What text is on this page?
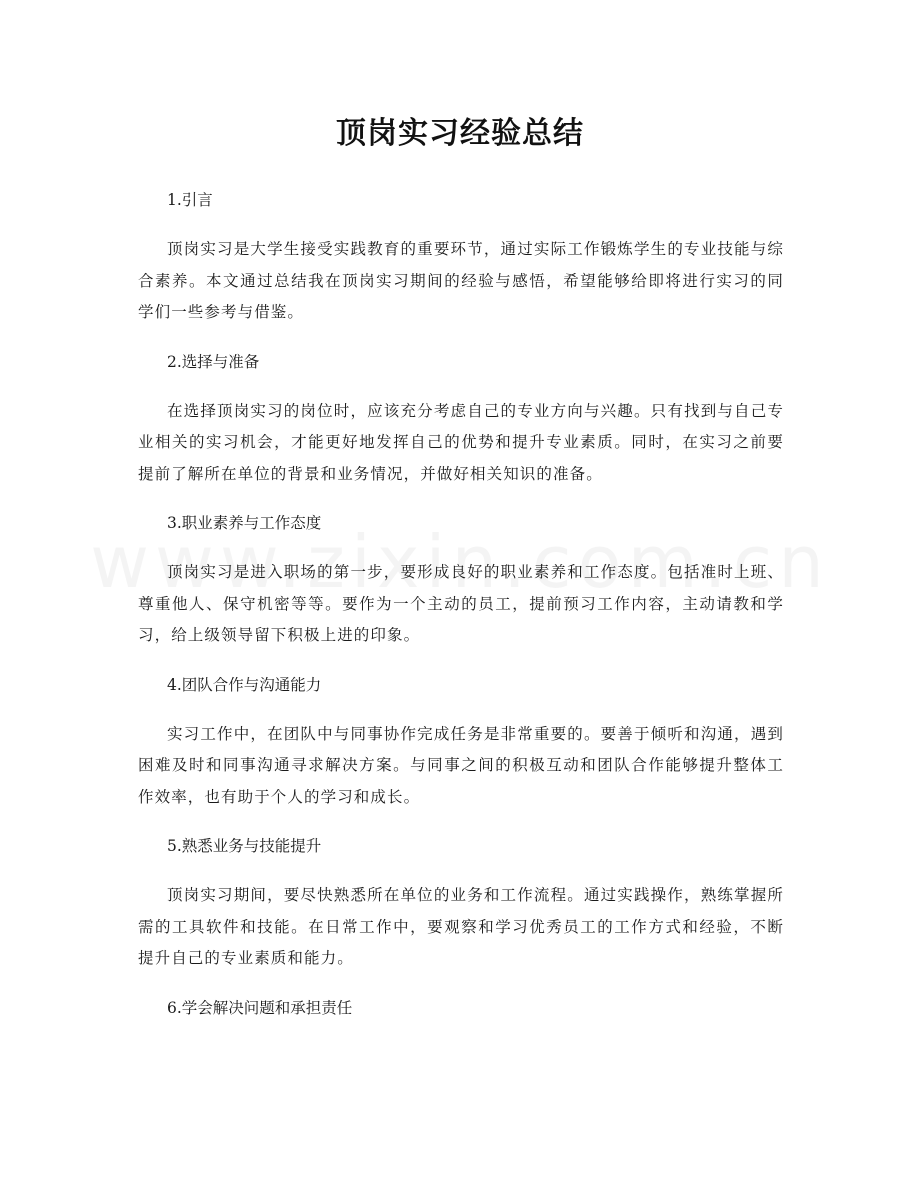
顶岗实习经验总结
1.引言

顶岗实习是大学生接受实践教育的重要环节，通过实际工作锻炼学生的专业技能与综合素养。本文通过总结我在顶岗实习期间的经验与感悟，希望能够给即将进行实习的同学们一些参考与借鉴。

2.选择与准备

在选择顶岗实习的岗位时，应该充分考虑自己的专业方向与兴趣。只有找到与自己专业相关的实习机会，才能更好地发挥自己的优势和提升专业素质。同时，在实习之前要提前了解所在单位的背景和业务情况，并做好相关知识的准备。

3.职业素养与工作态度

顶岗实习是进入职场的第一步，要形成良好的职业素养和工作态度。包括准时上班、尊重他人、保守机密等等。要作为一个主动的员工，提前预习工作内容，主动请教和学习，给上级领导留下积极上进的印象。

4.团队合作与沟通能力

实习工作中，在团队中与同事协作完成任务是非常重要的。要善于倾听和沟通，遇到困难及时和同事沟通寻求解决方案。与同事之间的积极互动和团队合作能够提升整体工作效率，也有助于个人的学习和成长。

5.熟悉业务与技能提升

顶岗实习期间，要尽快熟悉所在单位的业务和工作流程。通过实践操作，熟练掌握所需的工具软件和技能。在日常工作中，要观察和学习优秀员工的工作方式和经验，不断提升自己的专业素质和能力。

6.学会解决问题和承担责任
